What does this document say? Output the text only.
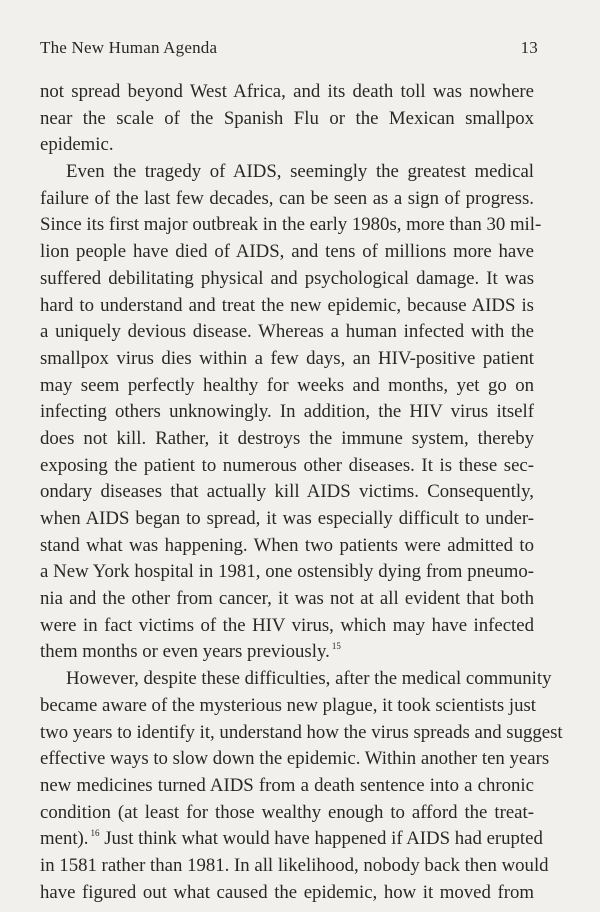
The New Human Agenda	13
not spread beyond West Africa, and its death toll was nowhere
near the scale of the Spanish Flu or the Mexican smallpox
epidemic.
Even the tragedy of AIDS, seemingly the greatest medical
failure of the last few decades, can be seen as a sign of progress.
Since its first major outbreak in the early 1980s, more than 30 mil-
lion people have died of AIDS, and tens of millions more have
suffered debilitating physical and psychological damage. It was
hard to understand and treat the new epidemic, because AIDS is
a uniquely devious disease. Whereas a human infected with the
smallpox virus dies within a few days, an HIV-positive patient
may seem perfectly healthy for weeks and months, yet go on
infecting others unknowingly. In addition, the HIV virus itself
does not kill. Rather, it destroys the immune system, thereby
exposing the patient to numerous other diseases. It is these sec-
ondary diseases that actually kill AIDS victims. Consequently,
when AIDS began to spread, it was especially difficult to under-
stand what was happening. When two patients were admitted to
a New York hospital in 1981, one ostensibly dying from pneumo-
nia and the other from cancer, it was not at all evident that both
were in fact victims of the HIV virus, which may have infected
them months or even years previously. $^{15}$
However, despite these difficulties, after the medical community
became aware of the mysterious new plague, it took scientists just
two years to identify it, understand how the virus spreads and suggest
effective ways to slow down the epidemic. Within another ten years
new medicines turned AIDS from a death sentence into a chronic
condition (at least for those wealthy enough to afford the treat-
ment). $^{16}$ Just think what would have happened if AIDS had erupted
in 1581 rather than 1981. In all likelihood, nobody back then would
have figured out what caused the epidemic, how it moved from
